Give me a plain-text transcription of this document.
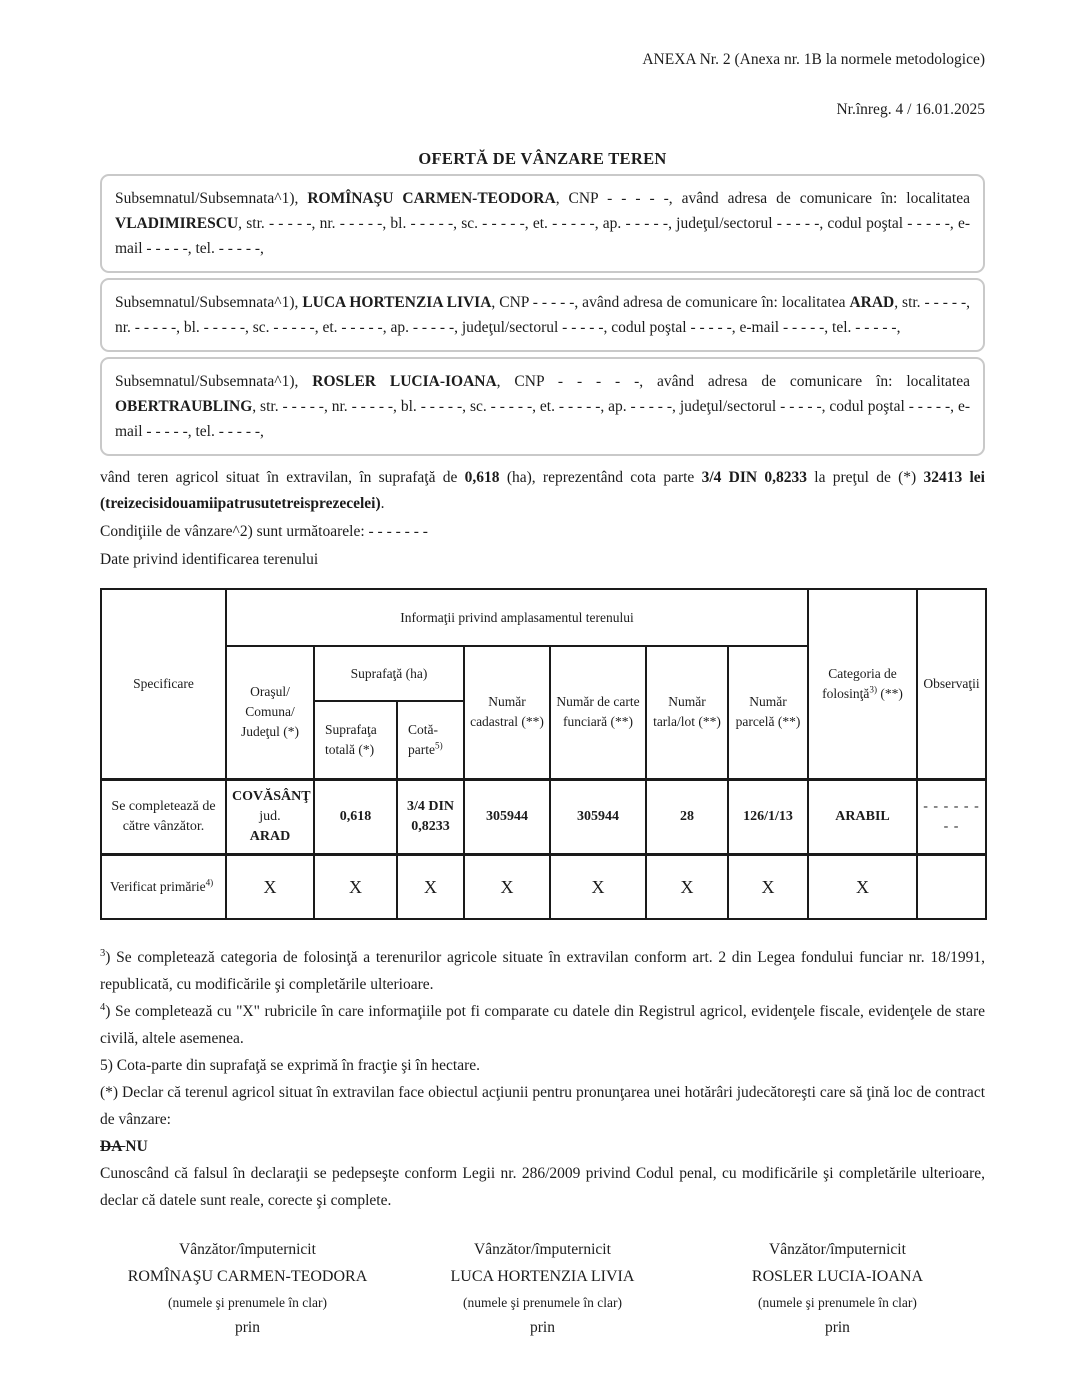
ANEXA Nr. 2 (Anexa nr. 1B la normele metodologice)
Nr.înreg. 4 / 16.01.2025
OFERTĂ DE VÂNZARE TEREN
Subsemnatul/Subsemnata^1), ROMÎNAŞU CARMEN-TEODORA, CNP - - - - -, având adresa de comunicare în: localitatea VLADIMIRESCU, str. - - - - -, nr. - - - - -, bl. - - - - -, sc. - - - - -, et. - - - - -, ap. - - - - -, judeţul/sectorul - - - - -, codul poştal - - - - -, e-mail - - - - -, tel. - - - - -,
Subsemnatul/Subsemnata^1), LUCA HORTENZIA LIVIA, CNP - - - - -, având adresa de comunicare în: localitatea ARAD, str. - - - - -, nr. - - - - -, bl. - - - - -, sc. - - - - -, et. - - - - -, ap. - - - - -, judeţul/sectorul - - - - -, codul poştal - - - - -, e-mail - - - - -, tel. - - - - -,
Subsemnatul/Subsemnata^1), ROSLER LUCIA-IOANA, CNP - - - - -, având adresa de comunicare în: localitatea OBERTRAUBLING, str. - - - - -, nr. - - - - -, bl. - - - - -, sc. - - - - -, et. - - - - -, ap. - - - - -, judeţul/sectorul - - - - -, codul poştal - - - - -, e-mail - - - - -, tel. - - - - -,
vând teren agricol situat în extravilan, în suprafaţă de 0,618 (ha), reprezentând cota parte 3/4 DIN 0,8233 la preţul de (*) 32413 lei (treizecisidouamiipatrusutetreisprezecelei).
Condiţiile de vânzare^2) sunt următoarele: - - - - - - -
Date privind identificarea terenului
Specificare	Informaţii privind amplasamentul terenului							Categoria de folosinţă$^{3)}$ (**)	Observaţii
	Oraşul/ Comuna/ Judeţul (*)	Suprafaţă (ha)		Număr cadastral (**)	Număr de carte funciară (**)	Număr tarla/lot (**)	Număr parcelă (**)		
		Suprafaţa totală (*)	Cotă-parte$^{5)}$
Se completează de către vânzător.	COVĂSÂNŢ
jud.
ARAD	0,618	3/4 DIN 0,8233	305944	305944	28	126/1/13	ARABIL	- - - - - - - -
Verificat primărie$^{4)}$	X	X	X	X	X	X	X	X	
$^3$) Se completează categoria de folosinţă a terenurilor agricole situate în extravilan conform art. 2 din Legea fondului funciar nr. 18/1991, republicată, cu modificările şi completările ulterioare.
$^4$) Se completează cu "X" rubricile în care informaţiile pot fi comparate cu datele din Registrul agricol, evidenţele fiscale, evidenţele de stare civilă, altele asemenea.
5) Cota-parte din suprafaţă se exprimă în fracţie şi în hectare.
(*) Declar că terenul agricol situat în extravilan face obiectul acţiunii pentru pronunţarea unei hotărâri judecătoreşti care să ţină loc de contract de vânzare:
DA NU
Cunoscând că falsul în declaraţii se pedepseşte conform Legii nr. 286/2009 privind Codul penal, cu modificările şi completările ulterioare, declar că datele sunt reale, corecte şi complete.
Vânzător/împuternicit
ROMÎNAŞU CARMEN-TEODORA
(numele şi prenumele în clar)
prin
Vânzător/împuternicit
LUCA HORTENZIA LIVIA
(numele şi prenumele în clar)
prin
Vânzător/împuternicit
ROSLER LUCIA-IOANA
(numele şi prenumele în clar)
prin
